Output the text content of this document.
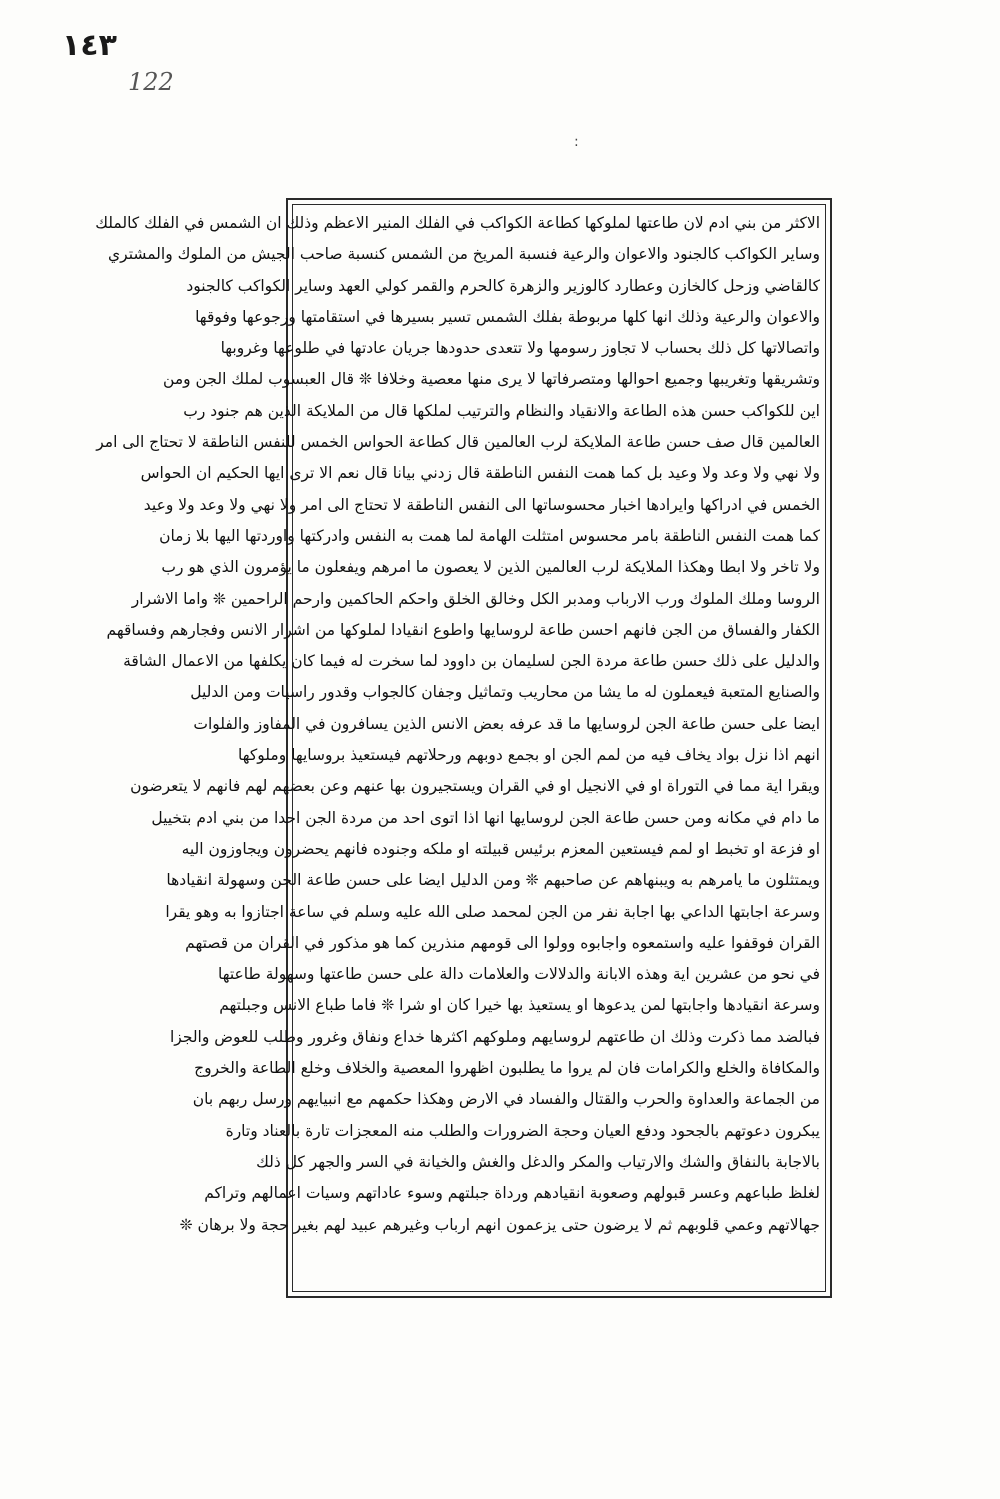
١٤٣
122
:
الاكثر من بني ادم لان طاعتها لملوكها كطاعة الكواكب في الفلك المنير الاعظم وذلك ان الشمس في الفلك كالملك
وساير الكواكب كالجنود والاعوان والرعية فنسبة المريخ من الشمس كنسبة صاحب الجيش من الملوك والمشتري
كالقاضي وزحل كالخازن وعطارد كالوزير والزهرة كالحرم والقمر كولي العهد وساير الكواكب كالجنود
والاعوان والرعية وذلك انها كلها مربوطة بفلك الشمس تسير بسيرها في استقامتها ورجوعها وفوقها
واتصالاتها كل ذلك بحساب لا تجاوز رسومها ولا تتعدى حدودها جريان عادتها في طلوعها وغروبها
وتشريقها وتغريبها وجميع احوالها ومتصرفاتها لا يرى منها معصية وخلافا ❊ قال العبسوب لملك الجن ومن
اين للكواكب حسن هذه الطاعة والانقياد والنظام والترتيب لملكها قال من الملايكة الذين هم جنود رب
العالمين قال صف حسن طاعة الملايكة لرب العالمين قال كطاعة الحواس الخمس للنفس الناطقة لا تحتاج الى امر
ولا نهي ولا وعد ولا وعيد بل كما همت النفس الناطقة قال زدني بيانا قال نعم الا ترى ايها الحكيم ان الحواس
الخمس في ادراكها وايرادها اخبار محسوساتها الى النفس الناطقة لا تحتاج الى امر ولا نهي ولا وعد ولا وعيد
كما همت النفس الناطقة بامر محسوس امتثلت الهامة لما همت به النفس وادركتها واوردتها اليها بلا زمان
ولا تاخر ولا ابطا وهكذا الملايكة لرب العالمين الذين لا يعصون ما امرهم ويفعلون ما يؤمرون الذي هو رب
الروسا وملك الملوك ورب الارباب ومدبر الكل وخالق الخلق واحكم الحاكمين وارحم الراحمين ❊ واما الاشرار
الكفار والفساق من الجن فانهم احسن طاعة لروسايها واطوع انقيادا لملوكها من اشرار الانس وفجارهم وفساقهم
والدليل على ذلك حسن طاعة مردة الجن لسليمان بن داوود لما سخرت له فيما كان يكلفها من الاعمال الشاقة
والصنايع المتعبة فيعملون له ما يشا من محاريب وتماثيل وجفان كالجواب وقدور راسيات ومن الدليل
ايضا على حسن طاعة الجن لروسايها ما قد عرفه بعض الانس الذين يسافرون في المفاوز والفلوات
انهم اذا نزل بواد يخاف فيه من لمم الجن او بجمع دوبهم ورحلاتهم فيستعيذ بروسايها وملوكها
ويقرا اية مما في التوراة او في الانجيل او في القران ويستجيرون بها عنهم وعن بعضهم لهم فانهم لا يتعرضون
ما دام في مكانه ومن حسن طاعة الجن لروسايها انها اذا اتوى احد من مردة الجن احدا من بني ادم بتخييل
او فزعة او تخبط او لمم فيستعين المعزم برئيس قبيلته او ملكه وجنوده فانهم يحضرون ويجاوزون اليه
ويمتثلون ما يامرهم به ويبنهاهم عن صاحبهم ❊ ومن الدليل ايضا على حسن طاعة الجن وسهولة انقيادها
وسرعة اجابتها الداعي بها اجابة نفر من الجن لمحمد صلى الله عليه وسلم في ساعة اجتازوا به وهو يقرا
القران فوقفوا عليه واستمعوه واجابوه وولوا الى قومهم منذرين كما هو مذكور في القران من قصتهم
في نحو من عشرين اية وهذه الابانة والدلالات والعلامات دالة على حسن طاعتها وسهولة طاعتها
وسرعة انقيادها واجابتها لمن يدعوها او يستعيذ بها خيرا كان او شرا ❊ فاما طباع الانس وجبلتهم
فبالضد مما ذكرت وذلك ان طاعتهم لروسايهم وملوكهم اكثرها خداع ونفاق وغرور وطلب للعوض والجزا
والمكافاة والخلع والكرامات فان لم يروا ما يطلبون اظهروا المعصية والخلاف وخلع الطاعة والخروج
من الجماعة والعداوة والحرب والقتال والفساد في الارض وهكذا حكمهم مع انبيايهم ورسل ربهم بان
يبكرون دعوتهم بالجحود ودفع العيان وحجة الضرورات والطلب منه المعجزات تارة بالعناد وتارة
بالاجابة بالنفاق والشك والارتياب والمكر والدغل والغش والخيانة في السر والجهر كل ذلك
لغلظ طباعهم وعسر قبولهم وصعوبة انقيادهم ورداة جبلتهم وسوء عاداتهم وسيات اعمالهم وتراكم
جهالاتهم وعمي قلوبهم ثم لا يرضون حتى يزعمون انهم ارباب وغيرهم عبيد لهم بغير حجة ولا برهان ❊
